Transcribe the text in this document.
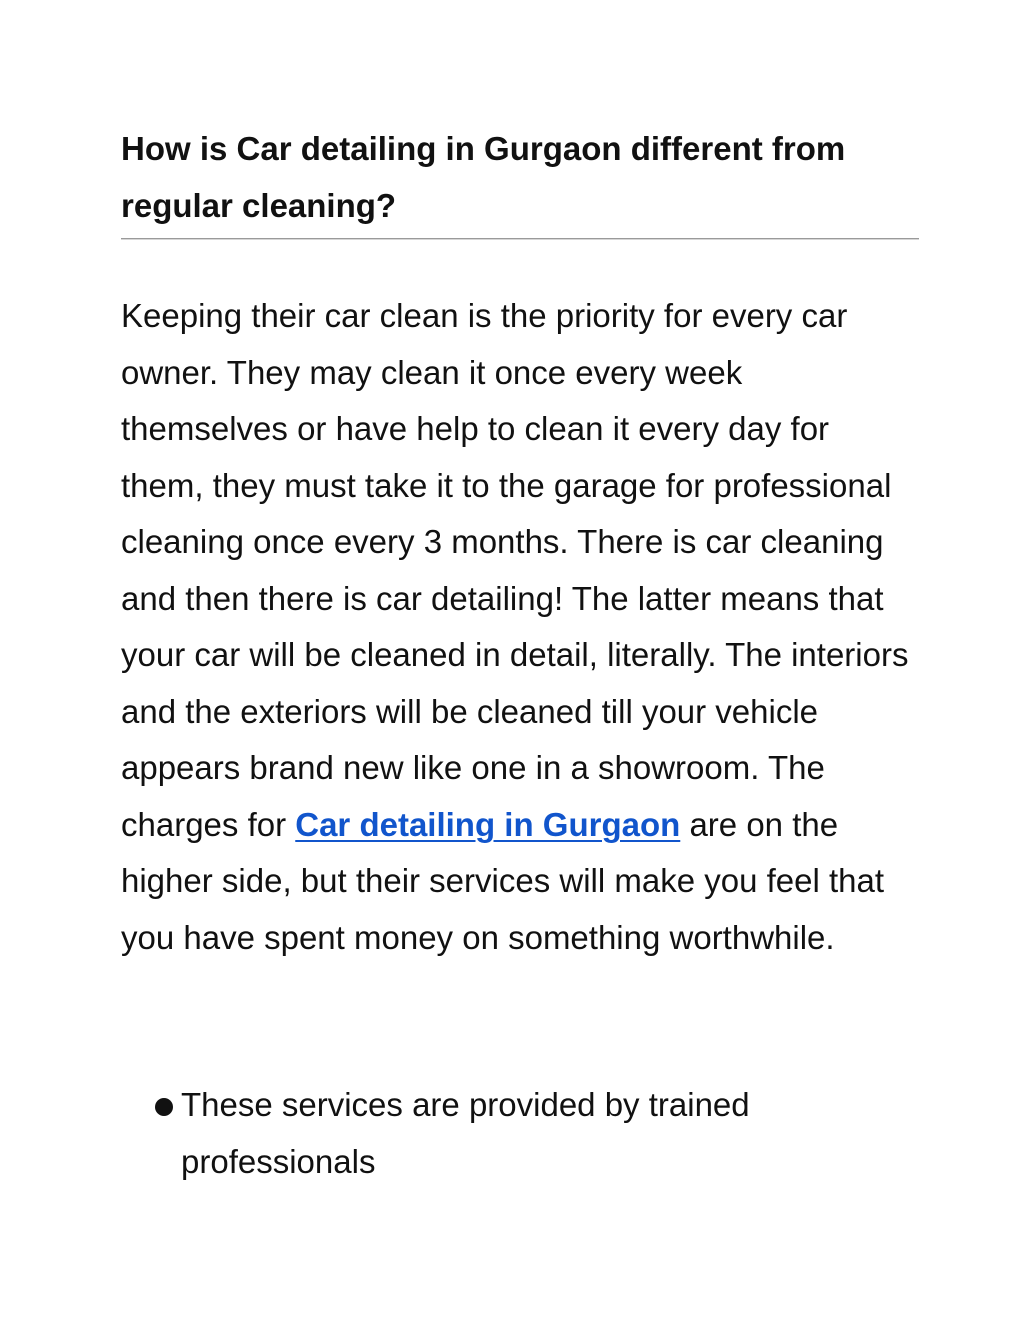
How is Car detailing in Gurgaon different from regular cleaning?

Keeping their car clean is the priority for every car owner. They may clean it once every week themselves or have help to clean it every day for them, they must take it to the garage for professional cleaning once every 3 months. There is car cleaning and then there is car detailing! The latter means that your car will be cleaned in detail, literally. The interiors and the exteriors will be cleaned till your vehicle appears brand new like one in a showroom. The charges for Car detailing in Gurgaon are on the higher side, but their services will make you feel that you have spent money on something worthwhile.

These services are provided by trained professionals
